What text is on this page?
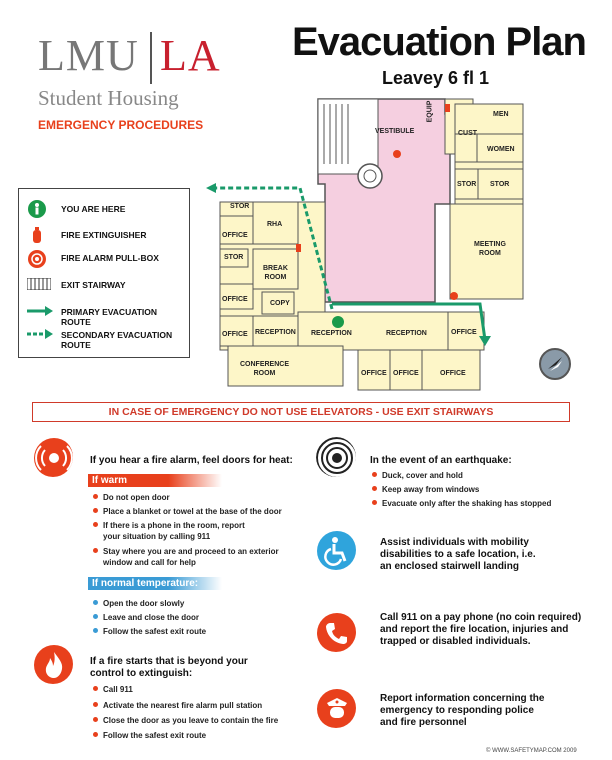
LMU LA
Student Housing
EMERGENCY PROCEDURES
Evacuation Plan
Leavey 6 fl 1
YOU ARE HERE
FIRE EXTINGUISHER
FIRE ALARM PULL-BOX
EXIT STAIRWAY
PRIMARY EVACUATION ROUTE
SECONDARY EVACUATION ROUTE
VESTIBULE
EQUIP	MEN
CUST
WOMEN
STOR STOR
MEETING
ROOM
STOR
RHA
OFFICE
STOR
BREAK
ROOM
OFFICE
COPY
OFFICE RECEPTION RECEPTION	RECEPTION	OFFICE
CONFERENCE
ROOM	OFFICE OFFICE	OFFICE
IN CASE OF EMERGENCY DO NOT USE ELEVATORS - USE EXIT STAIRWAYS
If you hear a fire alarm, feel doors for heat:
If warm
Do not open door
Place a blanket or towel at the base of the door
If there is a phone in the room, report
your situation by calling 911
Stay where you are and proceed to an exterior
window and call for help
If normal temperature:
Open the door slowly
Leave and close the door
Follow the safest exit route
If a fire starts that is beyond your
control to extinguish:
Call 911
Activate the nearest fire alarm pull station
Close the door as you leave to contain the fire
Follow the safest exit route
In the event of an earthquake:
Duck, cover and hold
Keep away from windows
Evacuate only after the shaking has stopped
Assist individuals with mobility
disabilities to a safe location, i.e.
an enclosed stairwell landing
Call 911 on a pay phone (no coin required)
and report the fire location, injuries and
trapped or disabled individuals.
Report information concerning the
emergency to responding police
and fire personnel
© WWW.SAFETYMAP.COM 2009
